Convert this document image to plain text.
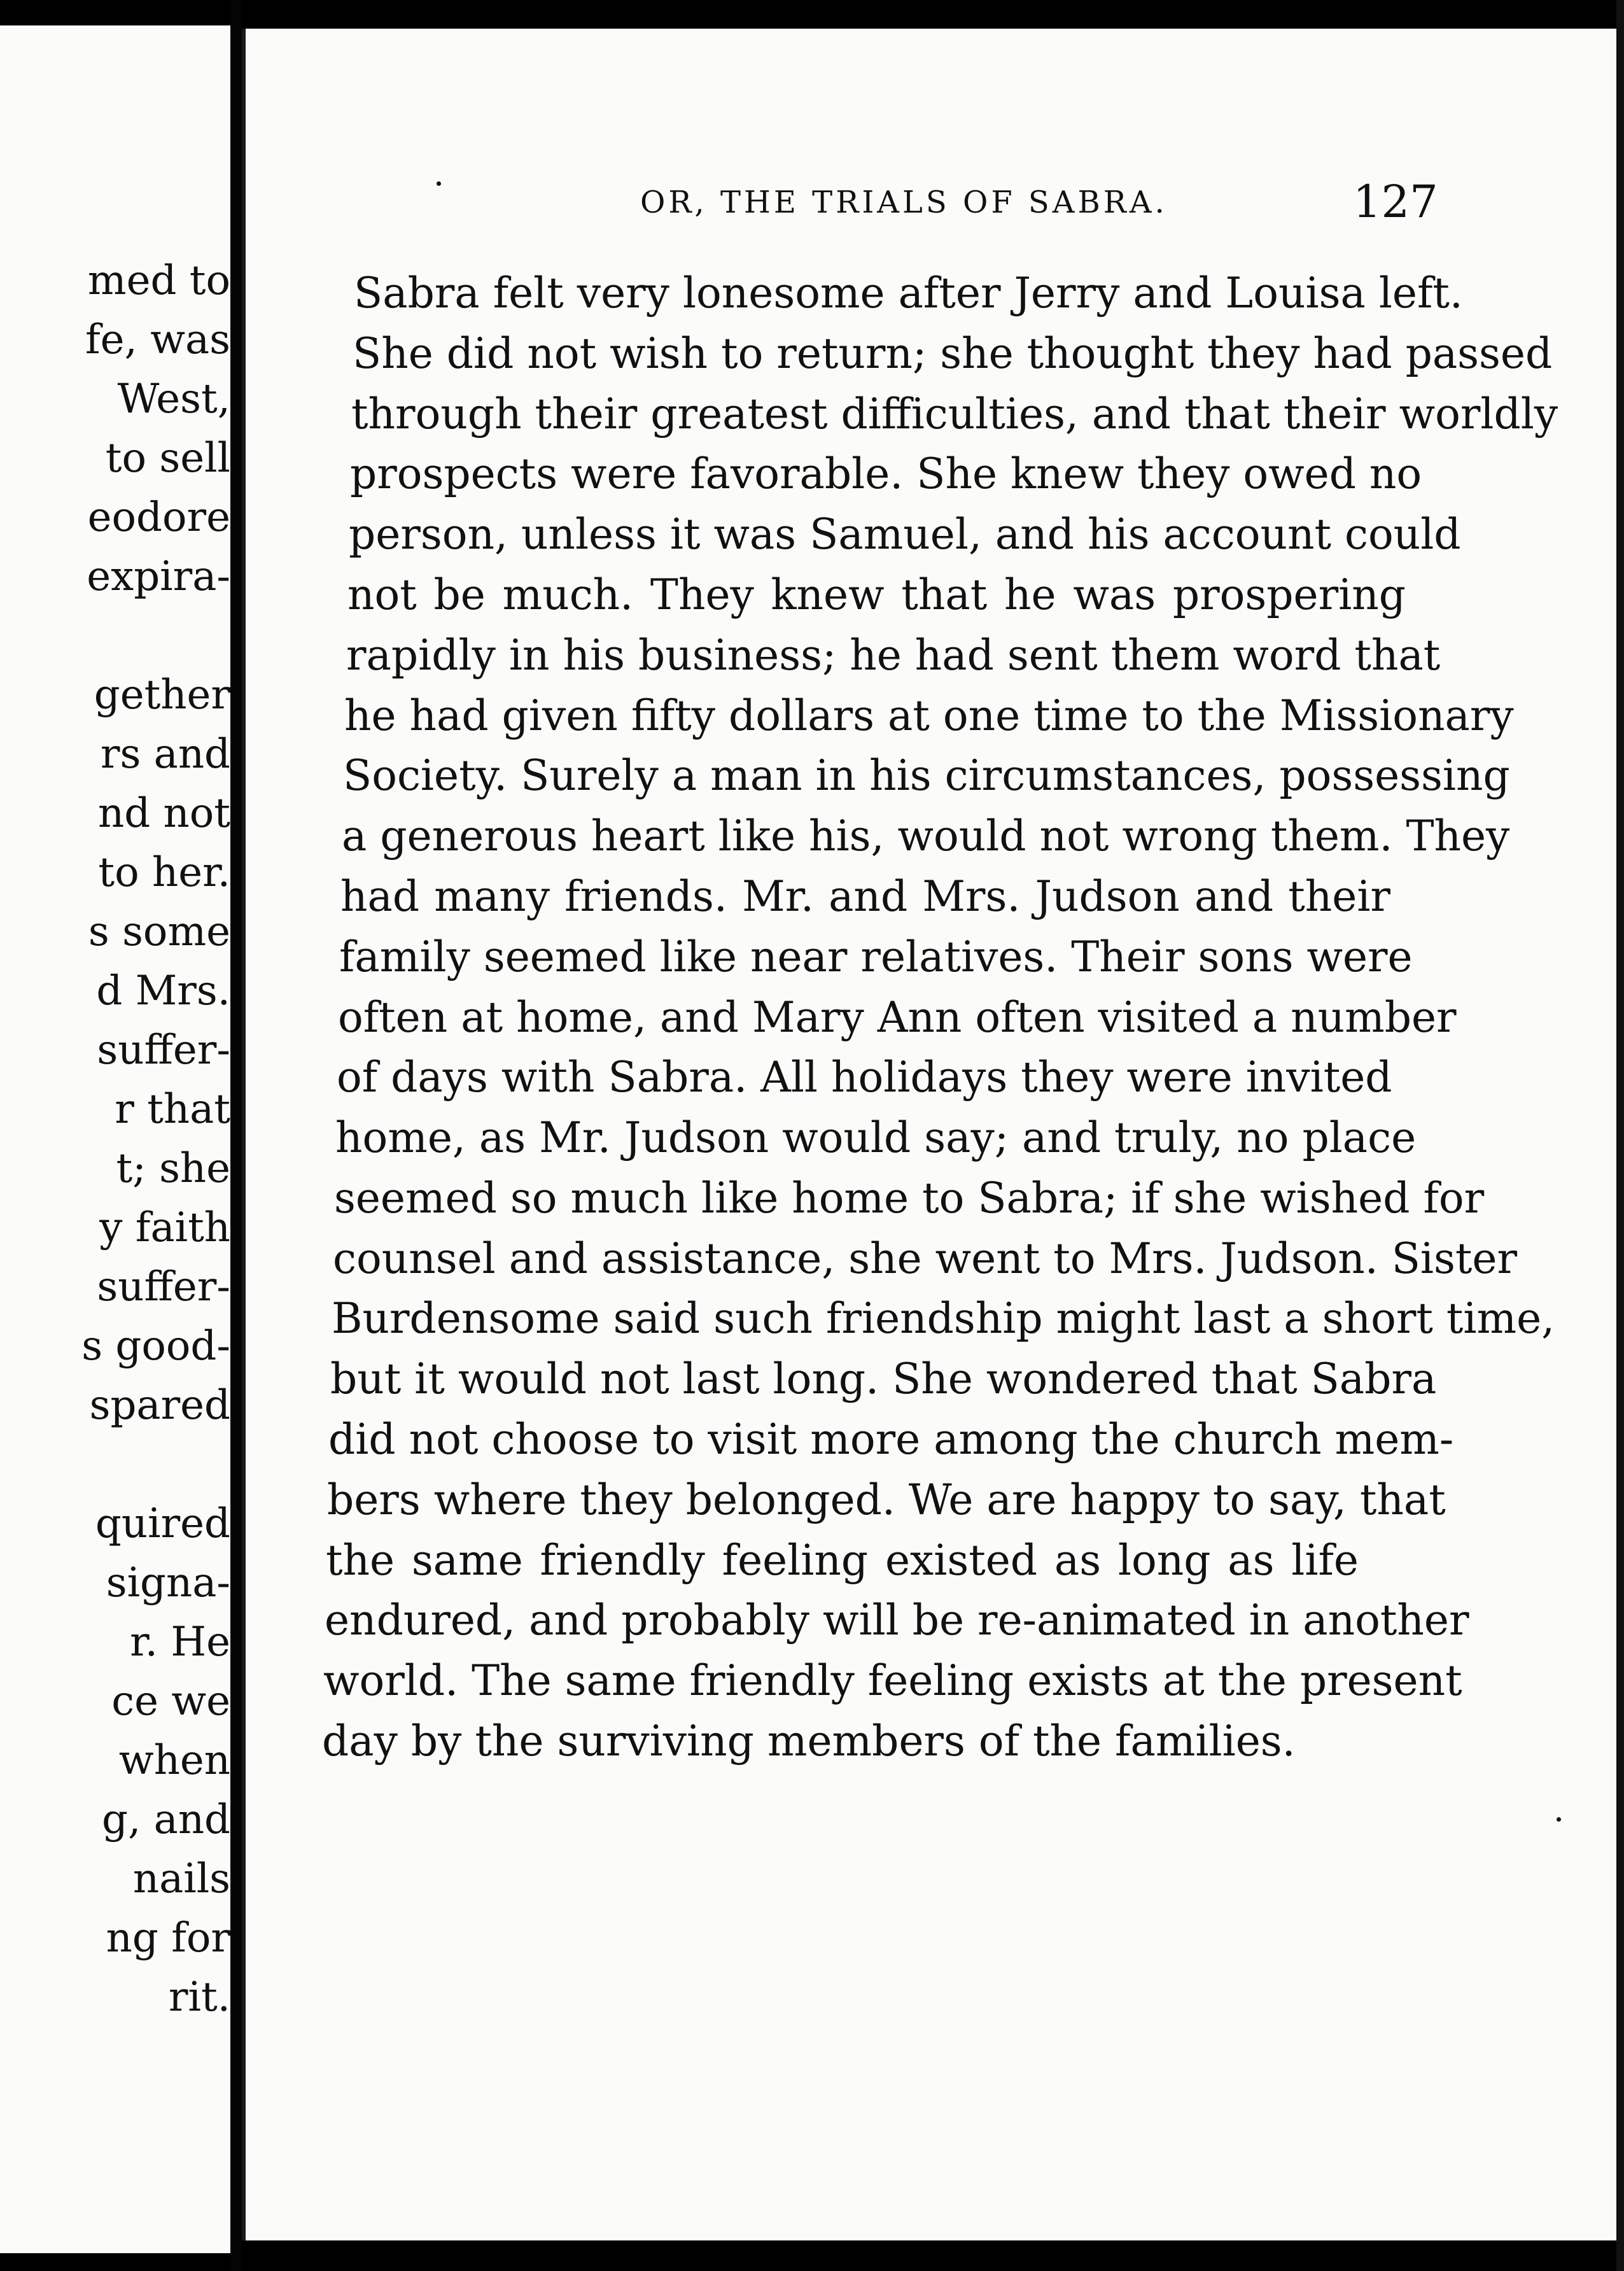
med to
fe, was
West,
to sell
eodore
expira-
gether
rs and
nd not
to her.
s some
d Mrs.
suffer-
r that
t; she
y faith
suffer-
s good-
spared
quired
signa-
r. He
ce we
when
g, and
nails
ng for
rit.
OR, THE TRIALS OF SABRA.	127
Sabra felt very lonesome after Jerry and Louisa left.
She did not wish to return; she thought they had passed
through their greatest difficulties, and that their worldly
prospects were favorable. She knew they owed no
person, unless it was Samuel, and his account could
not be much. They knew that he was prospering
rapidly in his business; he had sent them word that
he had given fifty dollars at one time to the Missionary
Society. Surely a man in his circumstances, possessing
a generous heart like his, would not wrong them. They
had many friends. Mr. and Mrs. Judson and their
family seemed like near relatives. Their sons were
often at home, and Mary Ann often visited a number
of days with Sabra. All holidays they were invited
home, as Mr. Judson would say; and truly, no place
seemed so much like home to Sabra; if she wished for
counsel and assistance, she went to Mrs. Judson. Sister
Burdensome said such friendship might last a short time,
but it would not last long. She wondered that Sabra
did not choose to visit more among the church mem-
bers where they belonged. We are happy to say, that
the same friendly feeling existed as long as life
endured, and probably will be re-animated in another
world. The same friendly feeling exists at the present
day by the surviving members of the families.
